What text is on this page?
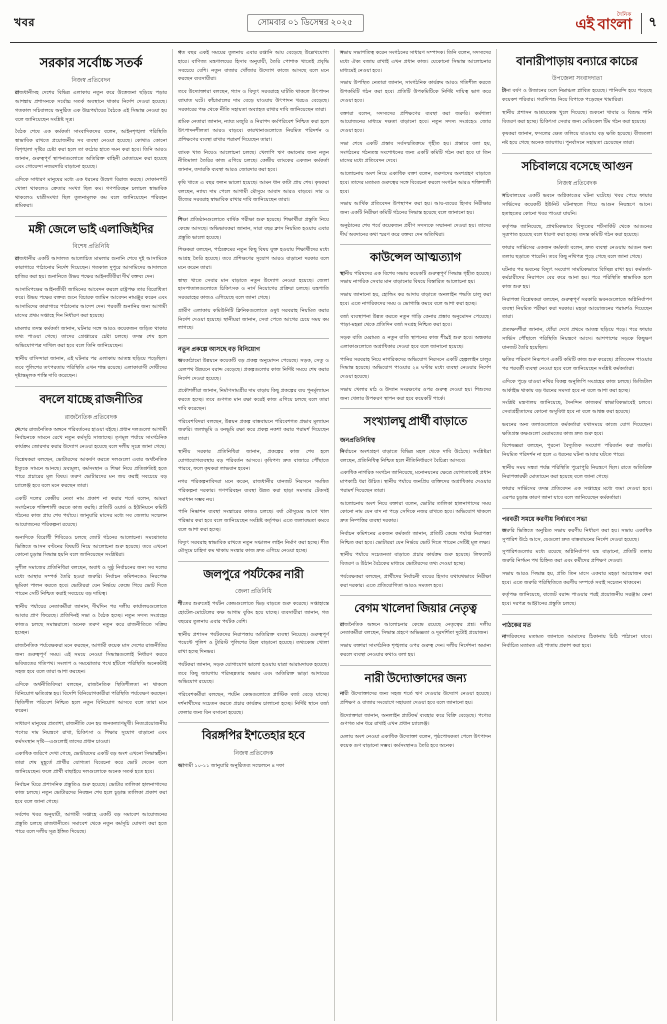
খবর	সোমবার ০১ ডিসেম্বর ২০২৫
দৈনিক
এই বাংলা	৭
সরকার সর্বোচ্চ সতর্ক
নিজস্ব প্রতিবেদন

রাজধানীসহ দেশের বিভিন্ন এলাকায় নতুন করে উত্তেজনা ছড়িয়ে পড়ার আশঙ্কায় প্রশাসনকে সর্বোচ্চ সতর্ক অবস্থানে থাকার নির্দেশ দেওয়া হয়েছে। গতকাল সচিবালয়ে অনুষ্ঠিত এক উচ্চপর্যায়ের বৈঠকে এই সিদ্ধান্ত নেওয়া হয় বলে জানিয়েছেন সংশ্লিষ্ট সূত্র।

বৈঠক শেষে এক কর্মকর্তা সাংবাদিকদের বলেন, আইনশৃঙ্খলা পরিস্থিতি স্বাভাবিক রাখতে প্রয়োজনীয় সব ব্যবস্থা নেওয়া হয়েছে। কোথাও কোনো বিশৃঙ্খলা সৃষ্টির চেষ্টা করা হলে তা কঠোর হাতে দমন করা হবে। তিনি আরও জানান, গুরুত্বপূর্ণ স্থাপনাগুলোতে অতিরিক্ত বাহিনী মোতায়েন করা হয়েছে এবং গোয়েন্দা নজরদারি বাড়ানো হয়েছে।

এদিকে সাধারণ মানুষের মধ্যে এক ধরনের উদ্বেগ বিরাজ করছে। দোকানপাট খোলা থাকলেও ক্রেতার সংখ্যা ছিল কম। গণপরিবহন চলাচল স্বাভাবিক থাকলেও যাত্রীসংখ্যা ছিল তুলনামূলক কম বলে জানিয়েছেন পরিবহন শ্রমিকরা।

মঙ্গী জেলে ভাই এলাজিইদির
বিশেষ প্রতিনিধি

রাজধানীর একটি আদালত আলোচিত মামলার শুনানি শেষে দুই আসামিকে কারাগারে পাঠানোর নির্দেশ দিয়েছেন। গতকাল দুপুরে আসামিদের আদালতে হাজির করা হয়। শুনানিতে উভয় পক্ষের আইনজীবীরা দীর্ঘ বক্তব্য দেন।

আসামিপক্ষের আইনজীবী জামিনের আবেদন করলে রাষ্ট্রপক্ষ তার বিরোধিতা করে। উভয় পক্ষের বক্তব্য শুনে বিচারক জামিন আবেদন নামঞ্জুর করেন এবং আসামিদের কারাগারে পাঠানোর আদেশ দেন। পরবর্তী শুনানির জন্য আগামী মাসের প্রথম সপ্তাহে দিন নির্ধারণ করা হয়েছে।

মামলার তদন্ত কর্মকর্তা জানান, ঘটনার সঙ্গে আরও কয়েকজন জড়িত থাকার তথ্য পাওয়া গেছে। তাদের গ্রেপ্তারের চেষ্টা চলছে। তদন্ত শেষ হলে অভিযোগপত্র দাখিল করা হবে বলে তিনি জানিয়েছেন।

স্থানীয় বাসিন্দারা জানান, এই ঘটনার পর এলাকায় আতঙ্ক ছড়িয়ে পড়েছিল। তবে পুলিশের তৎপরতায় পরিস্থিতি এখন শান্ত রয়েছে। এলাকাবাসী দোষীদের দৃষ্টান্তমূলক শাস্তি দাবি করেছেন।

বদলে যাচ্ছে রাজনীতির
রাজনৈতিক প্রতিবেদক

দেশের রাজনৈতিক অঙ্গনে পরিবর্তনের হাওয়া বইছে। প্রধান দলগুলো আগামী নির্বাচনকে সামনে রেখে নতুন কর্মসূচি সাজাচ্ছে। তৃণমূল পর্যায়ে সাংগঠনিক কার্যক্রম জোরদার করার উদ্যোগ নেওয়া হয়েছে বলে দলীয় সূত্রে জানা গেছে।

বিশ্লেষকরা বলছেন, ভোটারদের আকর্ষণ করতে দলগুলো এবার অর্থনৈতিক ইস্যুকে সামনে আনছে। দ্রব্যমূল্য, কর্মসংস্থান ও শিক্ষা নিয়ে প্রতিশ্রুতিই হতে পারে প্রচারের মূল বিষয়। তরুণ ভোটারদের মন জয় করাই সবচেয়ে বড় চ্যালেঞ্জ হবে বলে মনে করছেন তারা।

একটি দলের কেন্দ্রীয় নেতা নাম প্রকাশ না করার শর্তে বলেন, আমরা সংগঠনকে শক্তিশালী করতে কাজ করছি। প্রতিটি ওয়ার্ড ও ইউনিয়নে কমিটি গঠনের কাজ প্রায় শেষ পর্যায়ে। জানুয়ারি মাসের মধ্যে সব জেলায় সম্মেলন আয়োজনের পরিকল্পনা রয়েছে।

অন্যদিকে বিরোধী শিবিরেও চলছে জোট গঠনের আলোচনা। সমঝোতার ভিত্তিতে আসন বণ্টনের বিষয়টি নিয়ে আলোচনা শুরু হয়েছে। তবে এখনো কোনো চূড়ান্ত সিদ্ধান্ত হয়নি বলে জানিয়েছেন সংশ্লিষ্টরা।

সুশীল সমাজের প্রতিনিধিরা বলছেন, অবাধ ও সুষ্ঠু নির্বাচনের জন্য সব দলের মধ্যে আস্থার সম্পর্ক তৈরি হওয়া জরুরি। নির্বাচন কমিশনকেও নিরপেক্ষ ভূমিকা পালন করতে হবে। ভোটাররা যেন নির্ভয়ে কেন্দ্রে গিয়ে ভোট দিতে পারেন সেটি নিশ্চিত করাই সবচেয়ে বড় দায়িত্ব।

স্থানীয় পর্যায়ের নেতাকর্মীরা জানান, দীর্ঘদিন পর দলীয় কার্যালয়গুলোতে আবার প্রাণ ফিরেছে। প্রতিদিনই সভা ও বৈঠক হচ্ছে। নতুন সদস্য সংগ্রহের কাজও চলছে সমান্তরালে। অনেক তরুণ নতুন করে রাজনীতিতে সক্রিয় হচ্ছেন।

রাজনৈতিক পর্যবেক্ষকরা মনে করছেন, আগামী কয়েক মাস দেশের রাজনীতির জন্য গুরুত্বপূর্ণ সময়। এই সময়ে নেওয়া সিদ্ধান্তগুলোই নির্ধারণ করবে ভবিষ্যতের গতিপথ। সংলাপ ও সমঝোতার পথে হাঁটলে পরিস্থিতি অনেকটাই সহজ হবে বলে তারা আশা করছেন।

এদিকে অর্থনীতিবিদরা বলছেন, রাজনৈতিক স্থিতিশীলতা না থাকলে বিনিয়োগ ক্ষতিগ্রস্ত হয়। বিদেশি বিনিয়োগকারীরা পরিস্থিতি পর্যবেক্ষণ করছেন। স্থিতিশীল পরিবেশ নিশ্চিত হলে নতুন বিনিয়োগ আসবে বলে তারা মনে করেন।

সাধারণ মানুষের প্রত্যাশা, রাজনীতি যেন হয় জনকল্যাণমুখী। নিত্যপ্রয়োজনীয় পণ্যের দাম নিয়ন্ত্রণে রাখা, চিকিৎসা ও শিক্ষার সুযোগ বাড়ানো এবং কর্মসংস্থান সৃষ্টি—এগুলোই তাদের প্রধান চাওয়া।

একাধিক জরিপে দেখা গেছে, ভোটারদের একটি বড় অংশ এখনো সিদ্ধান্তহীন। তারা শেষ মুহূর্তে প্রার্থীর যোগ্যতা বিবেচনা করে ভোট দেবেন বলে জানিয়েছেন। ফলে প্রার্থী বাছাইয়ে দলগুলোকে অনেক সতর্ক হতে হবে।

নির্বাচন ঘিরে প্রশাসনিক প্রস্তুতিও শুরু হয়েছে। ভোটার তালিকা হালনাগাদের কাজ চলছে। নতুন ভোটারদের নিবন্ধন শেষ হলে চূড়ান্ত তালিকা প্রকাশ করা হবে বলে জানা গেছে।

সর্বশেষ খবর অনুযায়ী, আগামী সপ্তাহে একটি বড় সমাবেশ আয়োজনের প্রস্তুতি চলছে রাজধানীতে। সমাবেশ থেকে নতুন কর্মসূচি ঘোষণা করা হতে পারে বলে দলীয় সূত্র ইঙ্গিত দিয়েছে।

গত বছর একই সময়ের তুলনায় এবার রপ্তানি আয় বেড়েছে উল্লেখযোগ্য হারে। বাণিজ্য মন্ত্রণালয়ের হিসাব অনুযায়ী, তৈরি পোশাক খাতেই প্রবৃদ্ধি সবচেয়ে বেশি। নতুন বাজার খোঁজার উদ্যোগ কাজে আসছে বলে মনে করছেন ব্যবসায়ীরা।

তবে উদ্যোক্তারা বলছেন, গ্যাস ও বিদ্যুৎ সরবরাহে ঘাটতি থাকলে উৎপাদন ব্যাঘাত ঘটে। কাঁচামালের দাম বেড়ে যাওয়ায় উৎপাদন খরচও বেড়েছে। সরকারের পক্ষ থেকে নীতি সহায়তা অব্যাহত রাখার দাবি জানিয়েছেন তারা।

শ্রমিক নেতারা জানান, ন্যায্য মজুরি ও নিরাপদ কর্মপরিবেশ নিশ্চিত করা হলে উৎপাদনশীলতা আরও বাড়বে। কারখানাগুলোতে নিয়মিত পরিদর্শন ও প্রশিক্ষণের ব্যবস্থা রাখার পরামর্শ দিয়েছেন তারা।

ব্যাংক খাত নিয়েও আলোচনা চলছে। খেলাপি ঋণ কমানোর জন্য নতুন নীতিমালা তৈরির কাজ এগিয়ে চলছে। কেন্দ্রীয় ব্যাংকের একজন কর্মকর্তা জানান, তদারকি ব্যবস্থা আরও জোরদার করা হবে।

কৃষি খাতে এ বছর ফলন ভালো হয়েছে। আমন ধান কাটা প্রায় শেষ। কৃষকরা বলছেন, ন্যায্য দাম পেলে আগামী মৌসুমে আবাদ আরও বাড়বে। সার ও বীজের সরবরাহ স্বাভাবিক রাখার দাবি জানিয়েছেন তারা।

শিক্ষা প্রতিষ্ঠানগুলোতে বার্ষিক পরীক্ষা শুরু হয়েছে। শিক্ষার্থীরা প্রস্তুতি নিয়ে কেন্দ্রে আসছে। অভিভাবকরা জানান, সারা বছর ক্লাস নিয়মিত হওয়ায় এবার প্রস্তুতি ভালো হয়েছে।

শিক্ষকরা বলছেন, পাঠ্যক্রমের নতুন কিছু বিষয় যুক্ত হওয়ায় শিক্ষার্থীদের মধ্যে আগ্রহ তৈরি হয়েছে। তবে প্রশিক্ষণের সুযোগ আরও বাড়ানো দরকার বলে মনে করেন তারা।

স্বাস্থ্য খাতে সেবার মান বাড়াতে নতুন উদ্যোগ নেওয়া হয়েছে। জেলা হাসপাতালগুলোতে চিকিৎসক ও নার্স নিয়োগের প্রক্রিয়া চলছে। যন্ত্রপাতি সরবরাহের কাজও এগিয়েছে বলে জানা গেছে।

গ্রামীণ এলাকায় কমিউনিটি ক্লিনিকগুলোতে ওষুধ সরবরাহ নিয়মিত করার নির্দেশ দেওয়া হয়েছে। স্থানীয়রা জানান, সেবা পেতে আগের চেয়ে সময় কম লাগছে।

নতুন প্রকল্পে আসছে বড় বিনিয়োগ

অবকাঠামো উন্নয়নে কয়েকটি বড় প্রকল্প অনুমোদন পেয়েছে। সড়ক, সেতু ও রেলপথ উন্নয়নে বরাদ্দ বেড়েছে। প্রকল্পগুলোর কাজ নির্দিষ্ট সময়ে শেষ করার নির্দেশ দেওয়া হয়েছে।

প্রকৌশলীরা জানান, নির্মাণসামগ্রীর দাম বাড়ায় কিছু প্রকল্পের ব্যয় পুনর্মূল্যায়ন করতে হচ্ছে। তবে গুণগত মান রক্ষা করেই কাজ এগিয়ে চলছে বলে তারা দাবি করেছেন।

পরিবেশবিদরা বলছেন, উন্নয়ন প্রকল্প বাস্তবায়নে পরিবেশগত প্রভাব মূল্যায়ন জরুরি। জলাভূমি ও বনভূমি রক্ষা করে প্রকল্প নকশা করার পরামর্শ দিয়েছেন তারা।

স্থানীয় সরকার প্রতিনিধিরা জানান, প্রকল্পের কাজ শেষ হলে যোগাযোগব্যবস্থায় বড় পরিবর্তন আসবে। কৃষিপণ্য দ্রুত বাজারে পৌঁছাতে পারবে, ফলে কৃষকরা লাভবান হবেন।

নগর পরিকল্পনাবিদরা মনে করেন, রাজধানীর যানজট নিরসনে সমন্বিত পরিকল্পনা দরকার। গণপরিবহন ব্যবস্থা উন্নত করা ছাড়া সমস্যার টেকসই সমাধান সম্ভব নয়।

পানি নিষ্কাশন ব্যবস্থা সংস্কারের কাজও চলছে। বর্ষা মৌসুমের আগে খাল পরিষ্কার করা হবে বলে জানিয়েছেন সংশ্লিষ্ট কর্তৃপক্ষ। এতে জলাবদ্ধতা কমবে বলে আশা করা হচ্ছে।

বিদ্যুৎ সরবরাহ স্বাভাবিক রাখতে নতুন সঞ্চালন লাইন নির্মাণ করা হচ্ছে। শীত মৌসুমে চাহিদা কম থাকায় সংস্কার কাজ দ্রুত এগিয়ে নেওয়া হচ্ছে।

জলপুরে পর্যটকের নারী
জেলা প্রতিনিধি

শীতের শুরুতেই পর্যটন কেন্দ্রগুলোতে ভিড় বাড়তে শুরু করেছে। সপ্তাহান্তে হোটেল-মোটেলের কক্ষ আগাম বুকিং হয়ে যাচ্ছে। ব্যবসায়ীরা জানান, গত বছরের তুলনায় এবার পর্যটক বেশি।

স্থানীয় প্রশাসন পর্যটকদের নিরাপত্তায় অতিরিক্ত ব্যবস্থা নিয়েছে। গুরুত্বপূর্ণ পয়েন্টে পুলিশ ও ট্যুরিস্ট পুলিশের টহল বাড়ানো হয়েছে। তথ্যকেন্দ্র খোলা রাখা হচ্ছে দিনভর।

পর্যটকরা জানান, সড়ক যোগাযোগ ভালো হওয়ায় যাত্রা আরামদায়ক হয়েছে। তবে কিছু জায়গায় পরিচ্ছন্নতার অভাব এবং অতিরিক্ত ভাড়া আদায়ের অভিযোগ রয়েছে।

পরিবেশকর্মীরা বলছেন, পর্যটন কেন্দ্রগুলোতে প্লাস্টিক বর্জ্য বেড়ে যাচ্ছে। দর্শনার্থীদের সচেতন করতে প্রচার কার্যক্রম চালানো হচ্ছে। নির্দিষ্ট স্থানে বর্জ্য ফেলার জন্য বিন বসানো হয়েছে।

বিরঙ্গপির ইশতেহার হবে
নিজস্ব প্রতিবেদক

আগামী ১০-১১ জানুয়ারি অনুষ্ঠিতব্য সম্মেলনে ৪ দফা

সভায় সভাপতিত্ব করেন সংগঠনের সাধারণ সম্পাদক। তিনি বলেন, সদস্যদের মধ্যে ঐক্য বজায় রাখাই এখন প্রধান কাজ। যেকোনো সিদ্ধান্ত আলোচনার মাধ্যমেই নেওয়া হবে।

সভায় উপস্থিত নেতারা জানান, সাংগঠনিক কার্যক্রম আরও গতিশীল করতে উপকমিটি গঠন করা হবে। প্রতিটি উপকমিটিকে নির্দিষ্ট দায়িত্ব ভাগ করে দেওয়া হবে।

বক্তারা বলেন, সদস্যদের প্রশিক্ষণের ব্যবস্থা করা জরুরি। কর্মশালা আয়োজনের মাধ্যমে দক্ষতা বাড়ানো হবে। নতুন সদস্য সংগ্রহেও জোর দেওয়া হবে।

সভা শেষে একটি প্রস্তাব সর্বসম্মতিক্রমে গৃহীত হয়। প্রস্তাবে বলা হয়, সংগঠনের গঠনতন্ত্র সংশোধনের জন্য একটি কমিটি গঠন করা হবে যা তিন মাসের মধ্যে প্রতিবেদন দেবে।

আলোচনায় অংশ নিয়ে একাধিক বক্তা বলেন, তরুণদের অংশগ্রহণ বাড়াতে হবে। তাদের মতামত গুরুত্বের সঙ্গে বিবেচনা করলে সংগঠন আরও শক্তিশালী হবে।

সভায় আর্থিক প্রতিবেদন উপস্থাপন করা হয়। আয়-ব্যয়ের হিসাব নিরীক্ষার জন্য একটি নিরীক্ষা কমিটি গঠনের সিদ্ধান্ত হয়েছে বলে জানানো হয়।

অনুষ্ঠানের শেষ পর্বে কয়েকজন প্রবীণ সদস্যকে সম্মাননা দেওয়া হয়। তাদের দীর্ঘ অবদানের কথা স্মরণ করে বক্তব্য দেন অতিথিরা।

কাউন্সেল আত্মত্যাগ

স্থানীয় পরিষদের এক বিশেষ সভায় কয়েকটি গুরুত্বপূর্ণ সিদ্ধান্ত গৃহীত হয়েছে। সভায় নাগরিক সেবার মান বাড়ানোর বিষয়ে বিস্তারিত আলোচনা হয়।

সভায় জানানো হয়, হোল্ডিং কর আদায় বাড়াতে অনলাইন পদ্ধতি চালু করা হবে। এতে নাগরিকদের সময় ও ভোগান্তি কমবে বলে আশা করা হচ্ছে।

বর্জ্য ব্যবস্থাপনা উন্নত করতে নতুন গাড়ি কেনার প্রস্তাব অনুমোদন পেয়েছে। পাড়া-মহল্লা থেকে প্রতিদিন বর্জ্য সংগ্রহ নিশ্চিত করা হবে।

সড়ক বাতি মেরামত ও নতুন বাতি স্থাপনের কাজ শীঘ্রই শুরু হবে। অন্ধকার এলাকাগুলোতে অগ্রাধিকার দেওয়া হবে বলে জানানো হয়েছে।

পানির সরবরাহ নিয়ে নাগরিকদের অভিযোগ নিরসনে একটি হেল্পলাইন চালুর সিদ্ধান্ত হয়েছে। অভিযোগ পাওয়ার ২৪ ঘণ্টার মধ্যে ব্যবস্থা নেওয়ার নির্দেশ দেওয়া হয়েছে।

সভায় খেলার মাঠ ও উদ্যান সংরক্ষণের ওপর গুরুত্ব দেওয়া হয়। শিশুদের জন্য খেলার উপকরণ স্থাপন করা হবে কয়েকটি পার্কে।

সংখ্যালঘু প্রার্থী বাড়াতে
জনপ্রতিনিধিত্ব

নির্বাচনে অংশগ্রহণ বাড়াতে বিভিন্ন মহল থেকে দাবি উঠেছে। সংশ্লিষ্টরা বলছেন, প্রতিনিধিত্ব নিশ্চিত হলে নীতিনির্ধারণে বৈচিত্র্য আসবে।

একাধিক নাগরিক সংগঠন জানিয়েছে, মনোনয়নের ক্ষেত্রে যোগ্যতাকেই প্রধান মাপকাঠি ধরা উচিত। স্থানীয় পর্যায়ে জনপ্রিয় ব্যক্তিদের অগ্রাধিকার দেওয়ার পরামর্শ দিয়েছেন তারা।

আলোচনায় অংশ নিয়ে বক্তারা বলেন, ভোটার তালিকা হালনাগাদের সময় কোনো নাম যেন বাদ না পড়ে সেদিকে নজর রাখতে হবে। অভিযোগ থাকলে দ্রুত নিষ্পত্তির ব্যবস্থা দরকার।

নির্বাচন কমিশনের একজন কর্মকর্তা জানান, প্রতিটি কেন্দ্রে পর্যাপ্ত নিরাপত্তা নিশ্চিত করা হবে। ভোটাররা যেন নির্ভয়ে ভোট দিতে পারেন সেটিই মূল লক্ষ্য।

স্থানীয় পর্যায়ে সচেতনতা বাড়াতে প্রচার কার্যক্রম শুরু হয়েছে। লিফলেট বিতরণ ও উঠান বৈঠকের মাধ্যমে ভোটারদের তথ্য দেওয়া হচ্ছে।

পর্যবেক্ষকরা বলছেন, প্রার্থীদের নির্বাচনী ব্যয়ের হিসাব যথাযথভাবে নিরীক্ষা করা দরকার। এতে প্রতিযোগিতা আরও সমতল হবে।

বেগম খালেদা জিয়ার নেতৃত্ব

রাজনৈতিক অঙ্গনে আলোচনার কেন্দ্রে রয়েছে নেতৃত্বের প্রশ্ন। দলীয় নেতাকর্মীরা বলছেন, সিদ্ধান্ত গ্রহণে অভিজ্ঞতা ও দূরদর্শিতা দুটোই প্রয়োজন।

সভায় বক্তারা সাংগঠনিক শৃঙ্খলার ওপর গুরুত্ব দেন। দলীয় নির্দেশনা অমান্য করলে ব্যবস্থা নেওয়ার কথাও বলা হয়।

নারী উদ্যোক্তাদের জন্য

নারী উদ্যোক্তাদের জন্য সহজ শর্তে ঋণ দেওয়ার উদ্যোগ নেওয়া হয়েছে। প্রশিক্ষণ ও বাজার সংযোগে সহায়তা দেওয়া হবে বলে জানানো হয়।

উদ্যোক্তারা জানান, অনলাইন প্ল্যাটফর্ম ব্যবহার করে বিক্রি বেড়েছে। পণ্যের গুণগত মান ধরে রাখাই এখন প্রধান চ্যালেঞ্জ।

মেলায় অংশ নেওয়া একাধিক উদ্যোক্তা বলেন, পৃষ্ঠপোষকতা পেলে উৎপাদন কয়েক গুণ বাড়ানো সম্ভব। কর্মসংস্থানও তৈরি হবে অনেক।

বানারীপাড়ায় বন্যারে কাচের
উপজেলা সংবাদদাতা

টানা বর্ষণ ও উজানের ঢলে নিম্নাঞ্চল প্লাবিত হয়েছে। পানিবন্দি হয়ে পড়েছে কয়েকশ পরিবার। গবাদিপশু নিয়ে বিপাকে পড়েছেন খামারিরা।

স্থানীয় প্রশাসন আশ্রয়কেন্দ্র খুলে দিয়েছে। শুকনো খাবার ও বিশুদ্ধ পানি বিতরণ করা হচ্ছে। চিকিৎসা সেবার জন্য মেডিকেল টিম গঠন করা হয়েছে।

কৃষকরা জানান, ফসলের ক্ষেত তলিয়ে যাওয়ায় বড় ক্ষতি হয়েছে। বীজতলা নষ্ট হয়ে গেছে অনেক জায়গায়। পুনর্বাসনে সহায়তা চেয়েছেন তারা।

সচিবালয়ে বসেছে আগুন
নিজস্ব প্রতিবেদক

সচিবালয়ের একটি ভবনে অগ্নিকাণ্ডের ঘটনা ঘটেছে। খবর পেয়ে ফায়ার সার্ভিসের কয়েকটি ইউনিট ঘটনাস্থলে গিয়ে আগুন নিয়ন্ত্রণে আনে। হতাহতের কোনো খবর পাওয়া যায়নি।

কর্তৃপক্ষ জানিয়েছে, প্রাথমিকভাবে বিদ্যুতের শর্টসার্কিট থেকে আগুনের সূত্রপাত হয়েছে বলে ধারণা করা হচ্ছে। তদন্ত কমিটি গঠন করা হয়েছে।

ফায়ার সার্ভিসের একজন কর্মকর্তা বলেন, দ্রুত ব্যবস্থা নেওয়ায় আগুন অন্য তলায় ছড়াতে পারেনি। তবে কিছু নথিপত্র পুড়ে গেছে বলে জানা গেছে।

ঘটনার পর ভবনের বিদ্যুৎ সংযোগ সাময়িকভাবে বিচ্ছিন্ন রাখা হয়। কর্মকর্তা-কর্মচারীদের নিরাপদে বের করে আনা হয়। পরে পরিস্থিতি স্বাভাবিক হলে কাজ শুরু হয়।

নিরাপত্তা বিশ্লেষকরা বলছেন, গুরুত্বপূর্ণ সরকারি ভবনগুলোতে অগ্নিনির্বাপণ ব্যবস্থা নিয়মিত পরীক্ষা করা দরকার। মহড়া আয়োজনের পরামর্শও দিয়েছেন তারা।

প্রত্যক্ষদর্শীরা জানান, ধোঁয়া দেখে প্রথমে আতঙ্ক ছড়িয়ে পড়ে। পরে ফায়ার সার্ভিস পৌঁছালে পরিস্থিতি নিয়ন্ত্রণে আসে। আশপাশের সড়কে কিছুক্ষণ যানজট তৈরি হয়েছিল।

ক্ষতির পরিমাণ নিরূপণে একটি কমিটি কাজ শুরু করেছে। প্রতিবেদন পাওয়ার পর পরবর্তী ব্যবস্থা নেওয়া হবে বলে জানিয়েছেন সংশ্লিষ্ট কর্মকর্তারা।

এদিকে পুড়ে যাওয়া নথির বিকল্প অনুলিপি সংগ্রহের কাজ চলছে। ডিজিটাল আর্কাইভ থাকায় বড় ধরনের সমস্যা হবে না বলে আশা করা হচ্ছে।

সংশ্লিষ্ট মন্ত্রণালয় জানিয়েছে, দৈনন্দিন কাজকর্ম স্বাভাবিকভাবেই চলবে। সেবাগ্রহীতাদের কোনো অসুবিধা হবে না বলে আশ্বস্ত করা হয়েছে।

ভবনের অন্য তলাগুলোতে কর্মকর্তারা যথাসময়ে কাজে যোগ দিয়েছেন। ক্ষতিগ্রস্ত কক্ষগুলো মেরামতের কাজ দ্রুত শুরু হবে।

বিশেষজ্ঞরা বলছেন, পুরনো বৈদ্যুতিক সংযোগ পরিবর্তন করা জরুরি। নিয়মিত পরিদর্শন না হলে এ ধরনের ঘটনা আবার ঘটতে পারে।

স্থানীয় সময় সন্ধ্যা পর্যন্ত পরিস্থিতি পুরোপুরি নিয়ন্ত্রণে ছিল। রাতে অতিরিক্ত নিরাপত্তারক্ষী মোতায়েন করা হয়েছে বলে জানা গেছে।

ফায়ার সার্ভিসের তদন্ত প্রতিবেদন এক সপ্তাহের মধ্যে জমা দেওয়া হবে। এরপর চূড়ান্ত কারণ জানা যাবে বলে জানিয়েছেন কর্মকর্তারা।

পরবর্তী সময়ে করণীয় নির্ধারণে সভা

জরুরি ভিত্তিতে অনুষ্ঠিত সভায় করণীয় নির্ধারণ করা হয়। সভায় একাধিক সুপারিশ উঠে আসে, যেগুলো দ্রুত বাস্তবায়নের নির্দেশ দেওয়া হয়েছে।

সুপারিশগুলোর মধ্যে রয়েছে অগ্নিনির্বাপণ যন্ত্র বাড়ানো, প্রতিটি তলায় জরুরি নির্গমন পথ চিহ্নিত করা এবং কর্মীদের প্রশিক্ষণ দেওয়া।

সভায় আরও সিদ্ধান্ত হয়, প্রতি তিন মাসে একবার মহড়া আয়োজন করা হবে। এতে জরুরি পরিস্থিতিতে করণীয় সম্পর্কে সবাই সচেতন থাকবেন।

কর্তৃপক্ষ জানিয়েছে, বাজেট বরাদ্দ পাওয়ার পরই প্রয়োজনীয় সরঞ্জাম কেনা হবে। দরপত্র আহ্বানের প্রস্তুতি চলছে।

পাঠকের মত

নাগরিকদের মতামত জানাতে আমাদের ঠিকানায় চিঠি পাঠানো যাবে। নির্বাচিত মতামত এই পাতায় প্রকাশ করা হবে।
